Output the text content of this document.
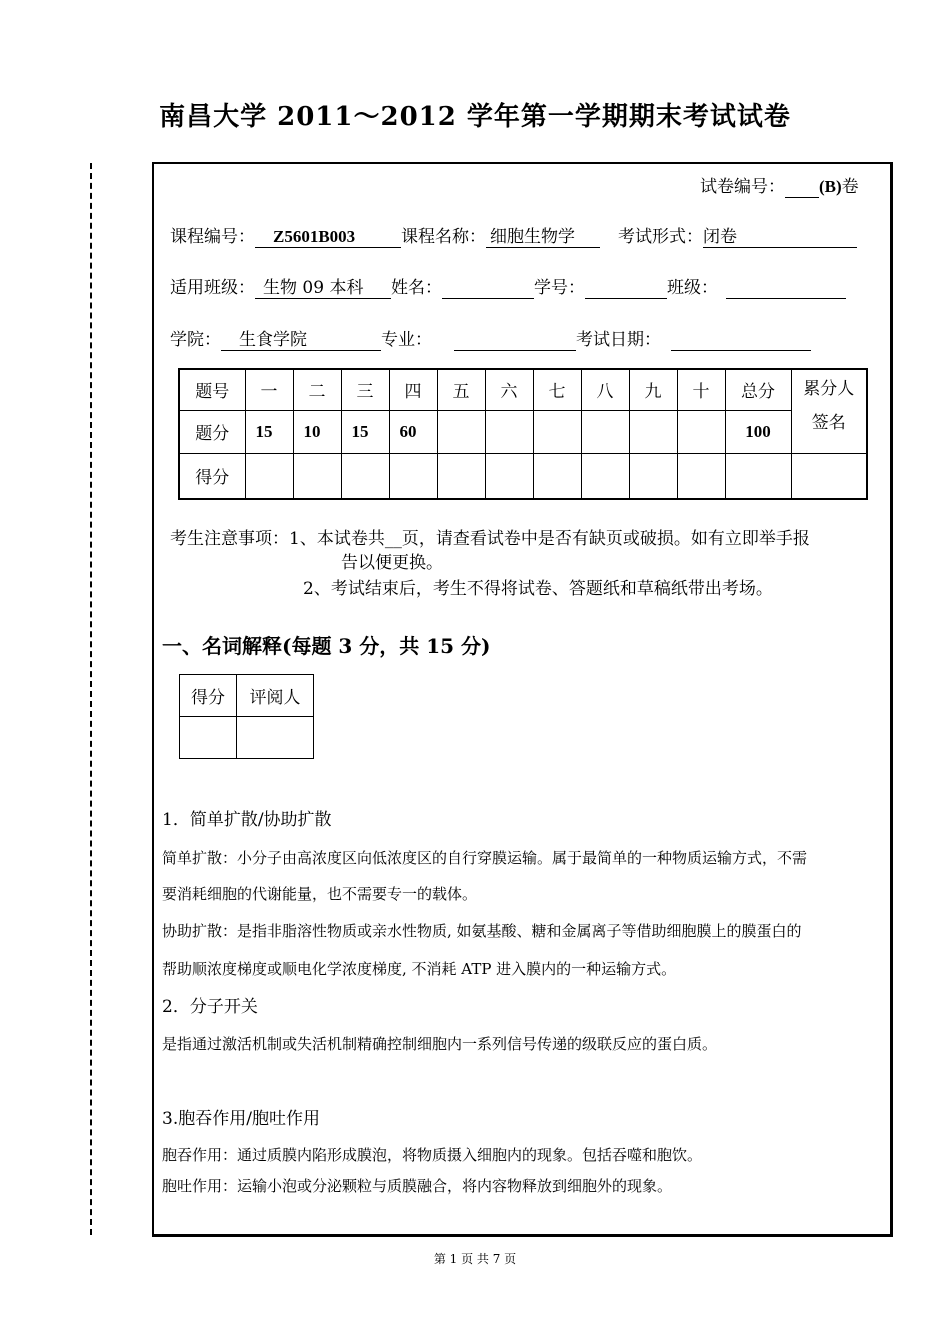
南昌大学 2011～2012 学年第一学期期末考试试卷
试卷编号： (B)卷
课程编号： Z5601B003	课程名称： 细胞生物学	考试形式：闭卷
适用班级： 生物 09 本科 姓名：	学号：	班级：
学院： 生食学院	专业：	考试日期：
题号	一	二	三	四	五	六	七	八	九	十	总分	累分人
签名

题分	15	10	15	60							100	
得分												
考生注意事项：1、本试卷共__页，请查看试卷中是否有缺页或破损。如有立即举手报
告以便更换。
2、考试结束后，考生不得将试卷、答题纸和草稿纸带出考场。
一、名词解释(每题 3 分，共 15 分)
得分	评阅人

1．简单扩散/协助扩散
简单扩散：小分子由高浓度区向低浓度区的自行穿膜运输。属于最简单的一种物质运输方式，不需
要消耗细胞的代谢能量，也不需要专一的载体。
协助扩散：是指非脂溶性物质或亲水性物质, 如氨基酸、糖和金属离子等借助细胞膜上的膜蛋白的
帮助顺浓度梯度或顺电化学浓度梯度, 不消耗 ATP 进入膜内的一种运输方式。
2．分子开关
是指通过激活机制或失活机制精确控制细胞内一系列信号传递的级联反应的蛋白质。
3.胞吞作用/胞吐作用
胞吞作用：通过质膜内陷形成膜泡，将物质摄入细胞内的现象。包括吞噬和胞饮。
胞吐作用：运输小泡或分泌颗粒与质膜融合，将内容物释放到细胞外的现象。
第 1 页 共 7 页
